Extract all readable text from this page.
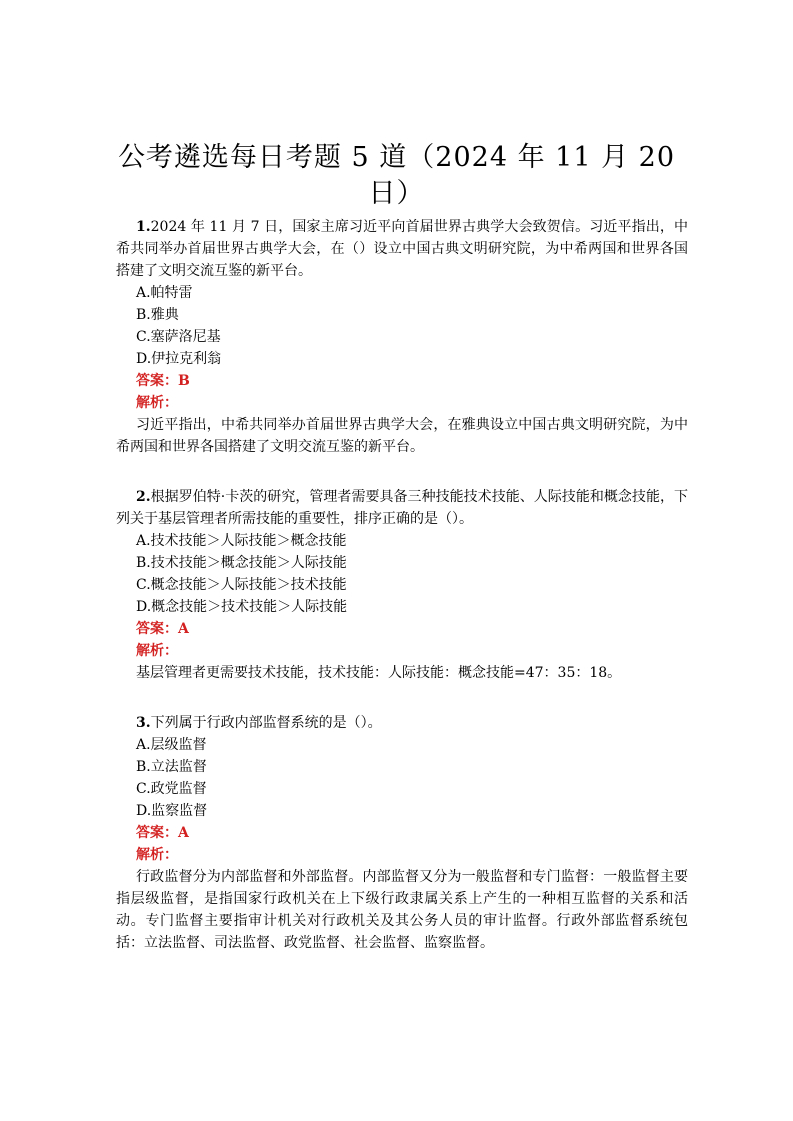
公考遴选每日考题 5 道（2024 年 11 月 20 日）
1.2024 年 11 月 7 日，国家主席习近平向首届世界古典学大会致贺信。习近平指出，中希共同举办首届世界古典学大会，在（）设立中国古典文明研究院，为中希两国和世界各国搭建了文明交流互鉴的新平台。
A.帕特雷
B.雅典
C.塞萨洛尼基
D.伊拉克利翁
答案：B
解析：
习近平指出，中希共同举办首届世界古典学大会，在雅典设立中国古典文明研究院，为中希两国和世界各国搭建了文明交流互鉴的新平台。
2.根据罗伯特·卡茨的研究，管理者需要具备三种技能技术技能、人际技能和概念技能，下列关于基层管理者所需技能的重要性，排序正确的是（）。
A.技术技能＞人际技能＞概念技能
B.技术技能＞概念技能＞人际技能
C.概念技能＞人际技能＞技术技能
D.概念技能＞技术技能＞人际技能
答案：A
解析：
基层管理者更需要技术技能，技术技能：人际技能：概念技能=47：35：18。
3.下列属于行政内部监督系统的是（）。
A.层级监督
B.立法监督
C.政党监督
D.监察监督
答案：A
解析：
行政监督分为内部监督和外部监督。内部监督又分为一般监督和专门监督：一般监督主要指层级监督，是指国家行政机关在上下级行政隶属关系上产生的一种相互监督的关系和活动。专门监督主要指审计机关对行政机关及其公务人员的审计监督。行政外部监督系统包括：立法监督、司法监督、政党监督、社会监督、监察监督。
